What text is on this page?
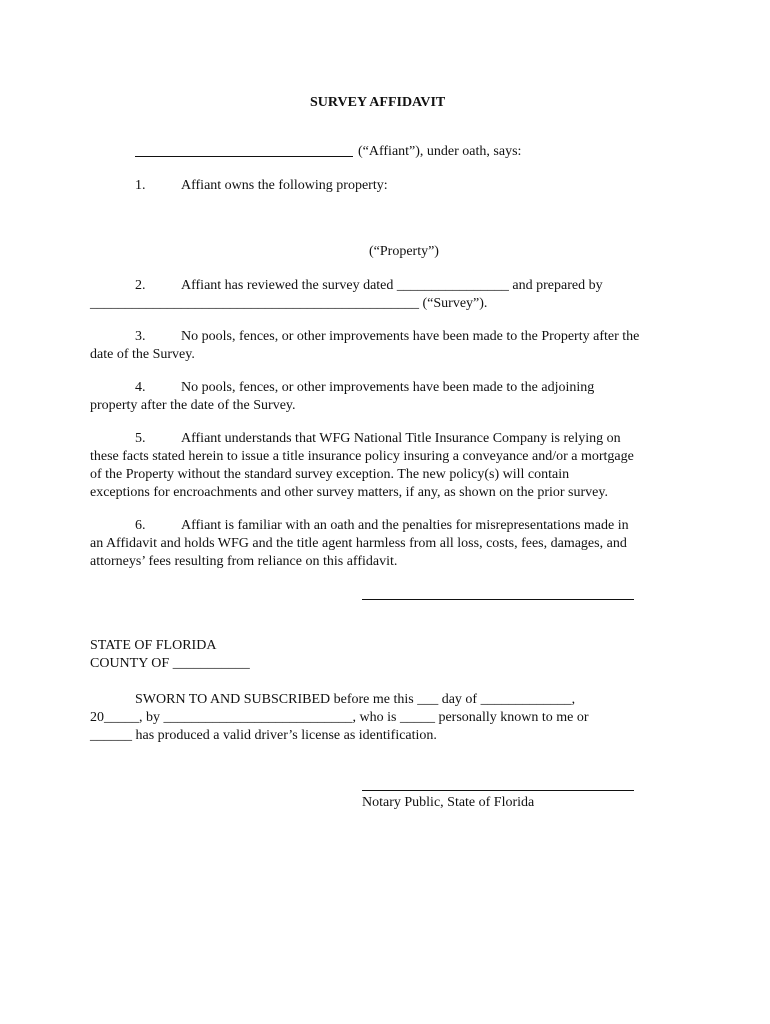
SURVEY AFFIDAVIT
(“Affiant”), under oath, says:
1.	Affiant owns the following property:
(“Property”)
2.	Affiant has reviewed the survey dated ________________ and prepared by
_______________________________________________ (“Survey”).
3.	No pools, fences, or other improvements have been made to the Property after the
date of the Survey.
4.	No pools, fences, or other improvements have been made to the adjoining
property after the date of the Survey.
5.	Affiant understands that WFG National Title Insurance Company is relying on
these facts stated herein to issue a title insurance policy insuring a conveyance and/or a mortgage
of the Property without the standard survey exception. The new policy(s) will contain
exceptions for encroachments and other survey matters, if any, as shown on the prior survey.
6.	Affiant is familiar with an oath and the penalties for misrepresentations made in
an Affidavit and holds WFG and the title agent harmless from all loss, costs, fees, damages, and
attorneys’ fees resulting from reliance on this affidavit.
STATE OF FLORIDA
COUNTY OF ___________
SWORN TO AND SUBSCRIBED before me this ___ day of _____________,
20_____, by ___________________________, who is _____ personally known to me or
______ has produced a valid driver’s license as identification.
Notary Public, State of Florida
